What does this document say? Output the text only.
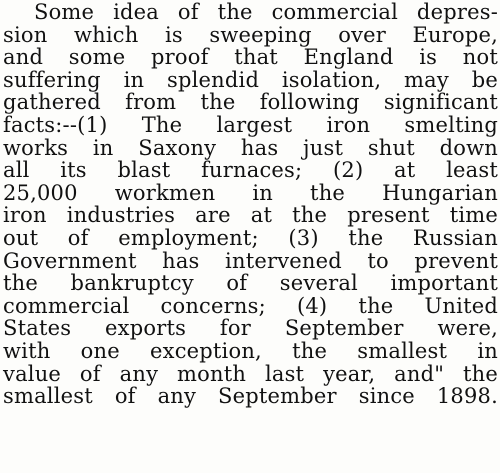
Some idea of the commercial depres-
sion which is sweeping over Europe,
and some proof that England is not
suffering in splendid isolation, may be
gathered from the following significant
facts:--(1) The largest iron smelting
works in Saxony has just shut down
all its blast furnaces; (2) at least
25,000 workmen in the Hungarian
iron industries are at the present time
out of employment; (3) the Russian
Government has intervened to prevent
the bankruptcy of several important
commercial concerns; (4) the United
States exports for September were,
with one exception, the smallest in
value of any month last year, and" the
smallest of any September since 1898.
